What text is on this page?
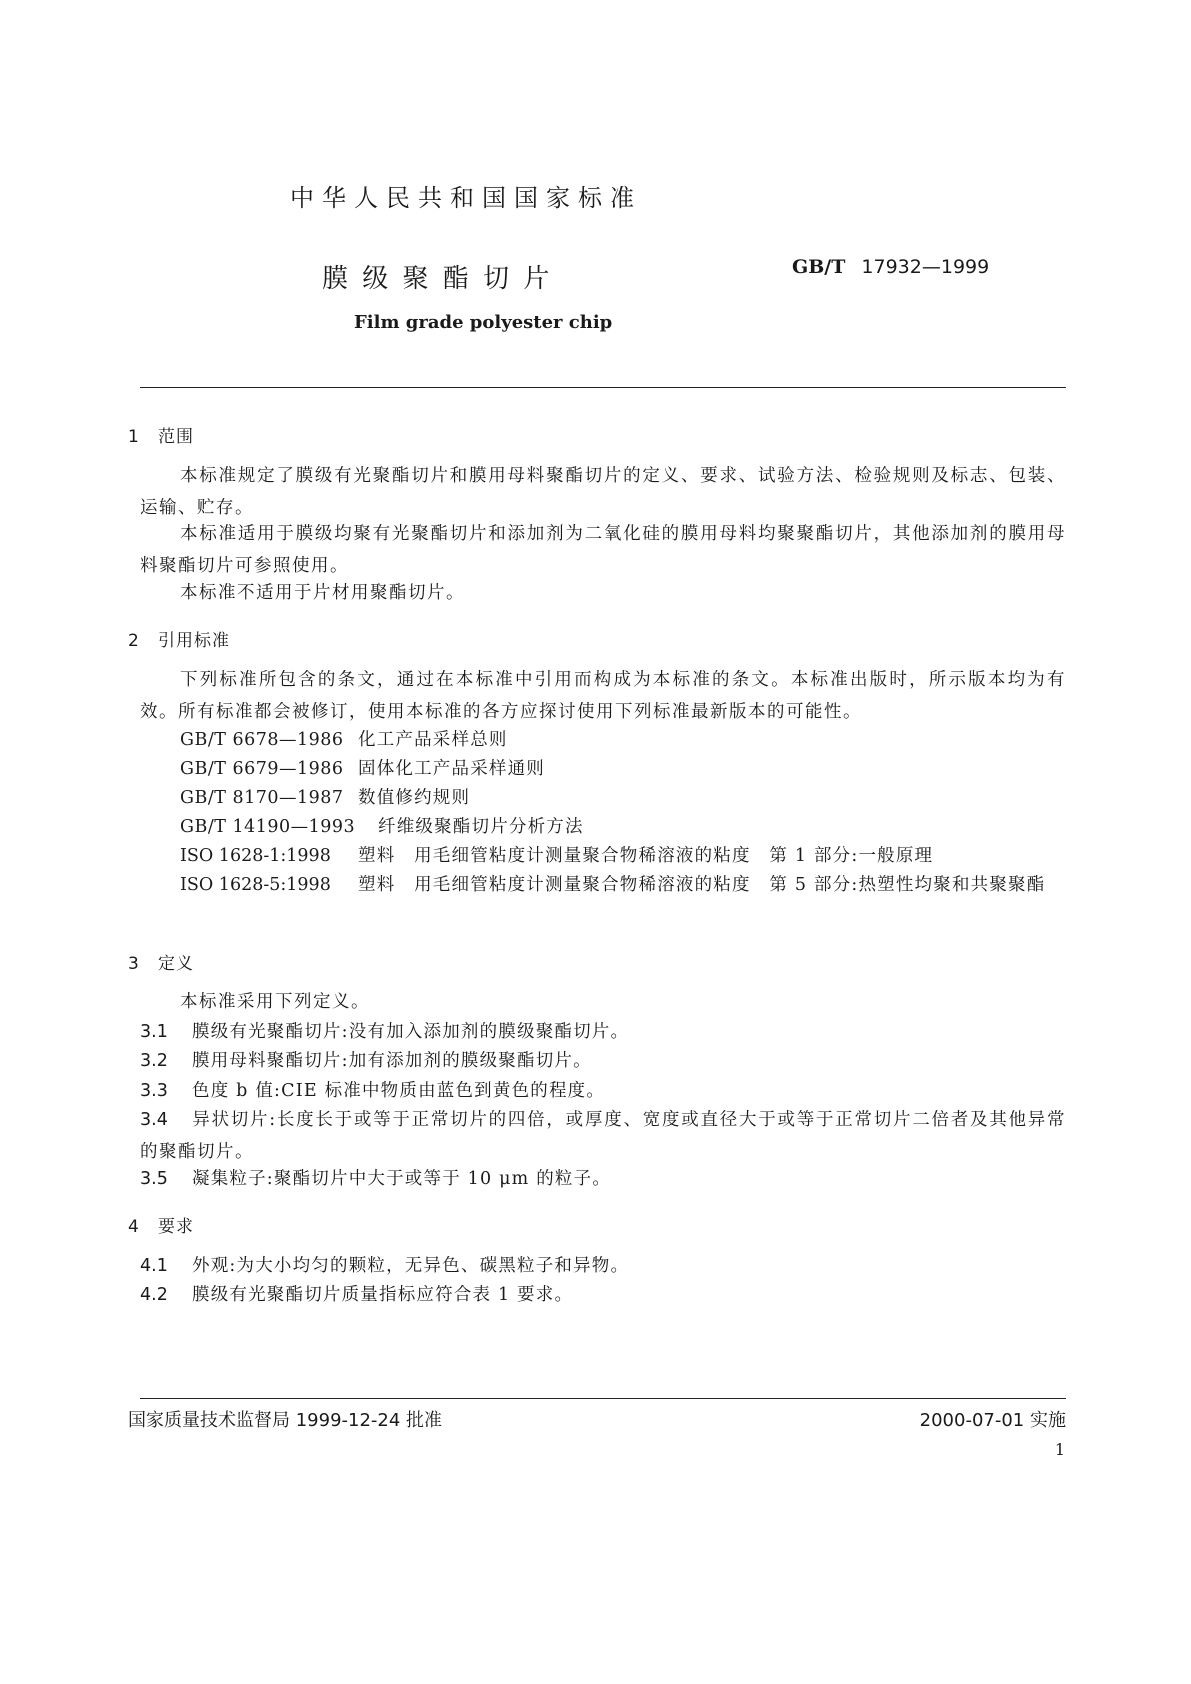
中华人民共和国国家标准
膜 级 聚 酯 切 片	GB/T 17932—1999
Film grade polyester chip
1 范围
本标准规定了膜级有光聚酯切片和膜用母料聚酯切片的定义、要求、试验方法、检验规则及标志、包装、运输、贮存。
本标准适用于膜级均聚有光聚酯切片和添加剂为二氧化硅的膜用母料均聚聚酯切片，其他添加剂的膜用母料聚酯切片可参照使用。
本标准不适用于片材用聚酯切片。
2 引用标准
下列标准所包含的条文，通过在本标准中引用而构成为本标准的条文。本标准出版时，所示版本均为有效。所有标准都会被修订，使用本标准的各方应探讨使用下列标准最新版本的可能性。
GB/T 6678—1986 化工产品采样总则
GB/T 6679—1986 固体化工产品采样通则
GB/T 8170—1987 数值修约规则
GB/T 14190—1993 纤维级聚酯切片分析方法
ISO 1628-1:1998 塑料　用毛细管粘度计测量聚合物稀溶液的粘度　第 1 部分:一般原理
ISO 1628-5:1998 塑料　用毛细管粘度计测量聚合物稀溶液的粘度　第 5 部分:热塑性均聚和共聚聚酯
3 定义
本标准采用下列定义。
3.1 膜级有光聚酯切片:没有加入添加剂的膜级聚酯切片。
3.2 膜用母料聚酯切片:加有添加剂的膜级聚酯切片。
3.3 色度 b 值:CIE 标准中物质由蓝色到黄色的程度。
3.4 异状切片:长度长于或等于正常切片的四倍，或厚度、宽度或直径大于或等于正常切片二倍者及其他异常的聚酯切片。
3.5 凝集粒子:聚酯切片中大于或等于 10 μm 的粒子。
4 要求
4.1 外观:为大小均匀的颗粒，无异色、碳黑粒子和异物。
4.2 膜级有光聚酯切片质量指标应符合表 1 要求。
国家质量技术监督局 1999-12-24 批准	2000-07-01 实施
1
